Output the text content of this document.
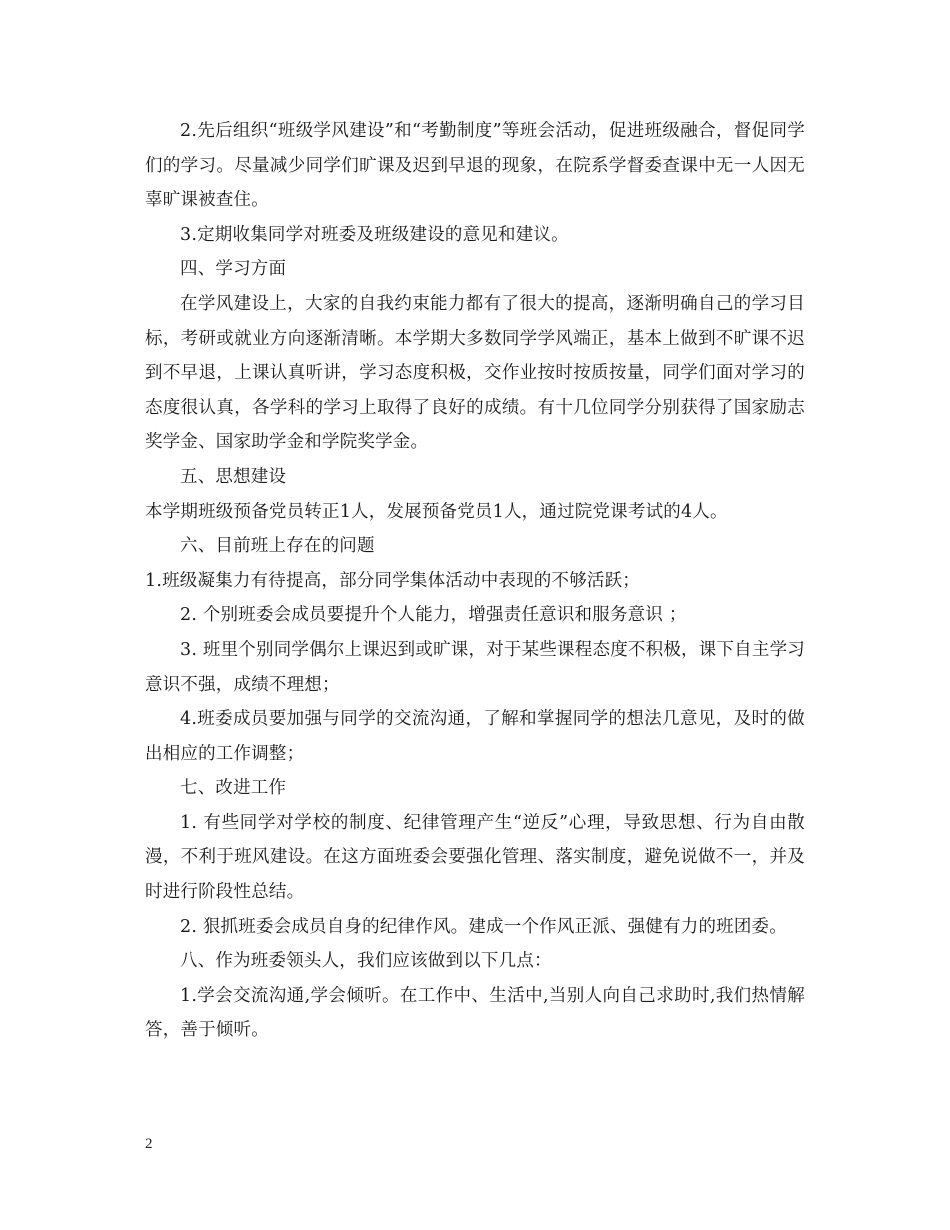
2.先后组织“班级学风建设”和“考勤制度”等班会活动，促进班级融合，督促同学们的学习。尽量减少同学们旷课及迟到早退的现象，在院系学督委查课中无一人因无辜旷课被查住。

3.定期收集同学对班委及班级建设的意见和建议。

四、学习方面

在学风建设上，大家的自我约束能力都有了很大的提高，逐渐明确自己的学习目标，考研或就业方向逐渐清晰。本学期大多数同学学风端正，基本上做到不旷课不迟到不早退，上课认真听讲，学习态度积极，交作业按时按质按量，同学们面对学习的态度很认真，各学科的学习上取得了良好的成绩。有十几位同学分别获得了国家励志奖学金、国家助学金和学院奖学金。

五、思想建设

本学期班级预备党员转正1人，发展预备党员1人，通过院党课考试的4人。

六、目前班上存在的问题

1.班级凝集力有待提高，部分同学集体活动中表现的不够活跃；

2. 个别班委会成员要提升个人能力，增强责任意识和服务意识 ；

3. 班里个别同学偶尔上课迟到或旷课，对于某些课程态度不积极，课下自主学习意识不强，成绩不理想；

4.班委成员要加强与同学的交流沟通，了解和掌握同学的想法几意见，及时的做出相应的工作调整；

七、改进工作

1. 有些同学对学校的制度、纪律管理产生“逆反”心理，导致思想、行为自由散漫，不利于班风建设。在这方面班委会要强化管理、落实制度，避免说做不一，并及时进行阶段性总结。

2. 狠抓班委会成员自身的纪律作风。建成一个作风正派、强健有力的班团委。

八、作为班委领头人，我们应该做到以下几点：

1.学会交流沟通,学会倾听。在工作中、生活中,当别人向自己求助时,我们热情解答，善于倾听。

2
